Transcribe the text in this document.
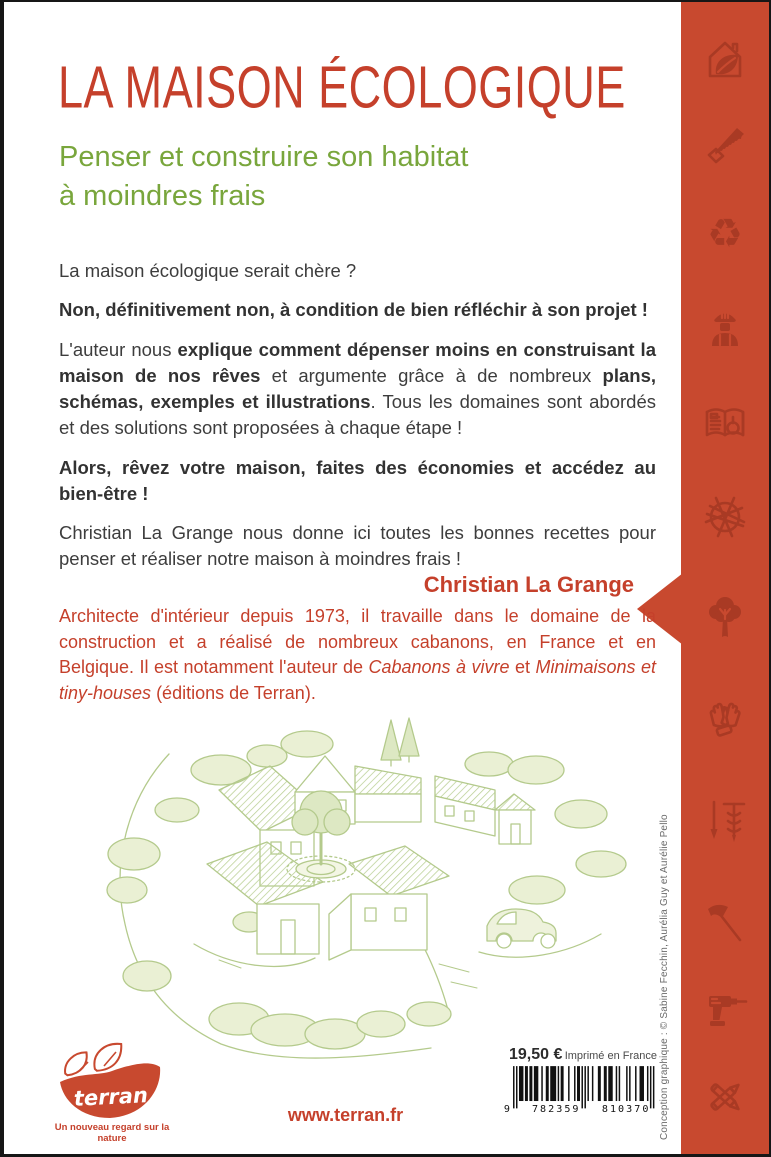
♻
LA MAISON ÉCOLOGIQUE
Penser et construire son habitat
à moindres frais

La maison écologique serait chère ?

Non, définitivement non, à condition de bien réfléchir à son projet !

L'auteur nous explique comment dépenser moins en construisant la maison de nos rêves et argumente grâce à de nombreux plans, schémas, exemples et illustrations. Tous les domaines sont abordés et des solutions sont proposées à chaque étape !

Alors, rêvez votre maison, faites des économies et accédez au bien-être !

Christian La Grange nous donne ici toutes les bonnes recettes pour penser et réaliser notre maison à moindres frais !

Christian La Grange

Architecte d'intérieur depuis 1973, il travaille dans le domaine de la construction et a réalisé de nombreux cabanons, en France et en Belgique. Il est notamment l'auteur de Cabanons à vivre et Minimaisons et tiny-houses (éditions de Terran).

terran
Un nouveau regard sur la nature
www.terran.fr
19,50 € Imprimé en France
9 782359 810370 Conception graphique : © Sabine Fecchin, Aurélia Guy et Aurélie Pello
